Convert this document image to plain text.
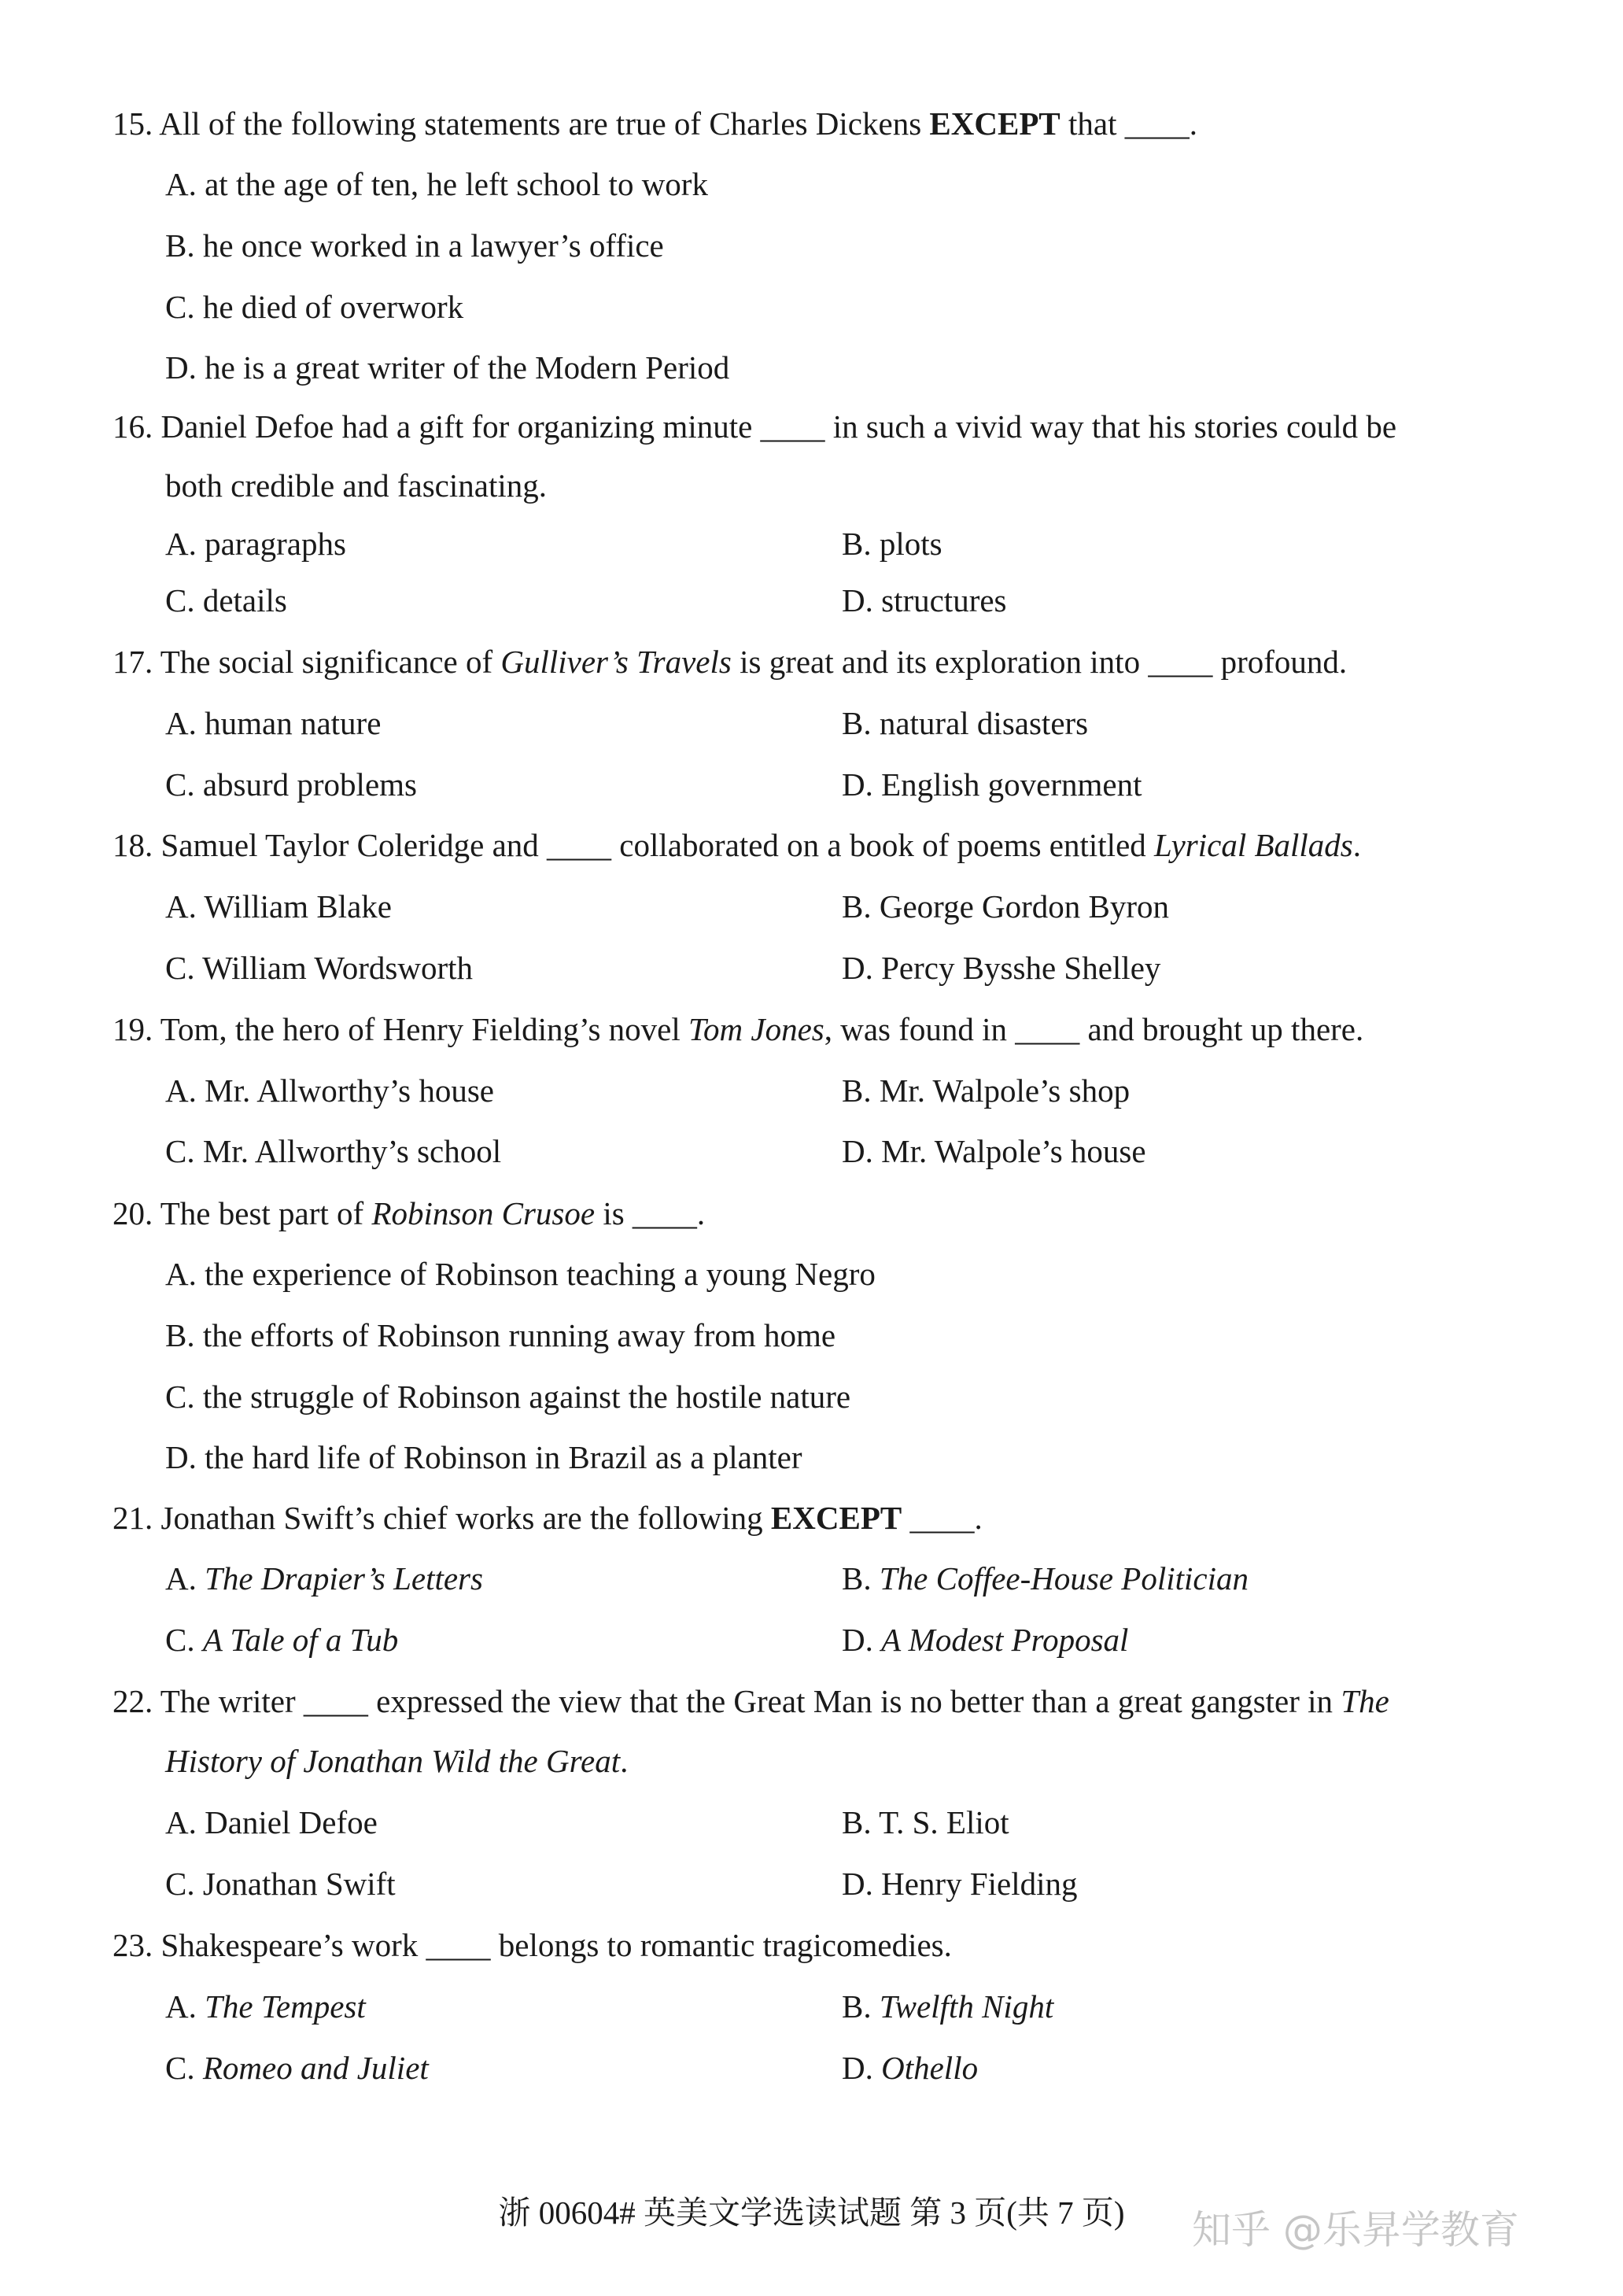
15. All of the following statements are true of Charles Dickens EXCEPT that ____.
A. at the age of ten, he left school to work
B. he once worked in a lawyer’s office
C. he died of overwork
D. he is a great writer of the Modern Period
16. Daniel Defoe had a gift for organizing minute ____ in such a vivid way that his stories could be
both credible and fascinating.
A. paragraphs	B. plots
C. details	D. structures
17. The social significance of Gulliver’s Travels is great and its exploration into ____ profound.
A. human nature	B. natural disasters
C. absurd problems	D. English government
18. Samuel Taylor Coleridge and ____ collaborated on a book of poems entitled Lyrical Ballads.
A. William Blake	B. George Gordon Byron
C. William Wordsworth	D. Percy Bysshe Shelley
19. Tom, the hero of Henry Fielding’s novel Tom Jones, was found in ____ and brought up there.
A. Mr. Allworthy’s house	B. Mr. Walpole’s shop
C. Mr. Allworthy’s school	D. Mr. Walpole’s house
20. The best part of Robinson Crusoe is ____.
A. the experience of Robinson teaching a young Negro
B. the efforts of Robinson running away from home
C. the struggle of Robinson against the hostile nature
D. the hard life of Robinson in Brazil as a planter
21. Jonathan Swift’s chief works are the following EXCEPT ____.
A. The Drapier’s Letters	B. The Coffee-House Politician
C. A Tale of a Tub	D. A Modest Proposal
22. The writer ____ expressed the view that the Great Man is no better than a great gangster in The
History of Jonathan Wild the Great.
A. Daniel Defoe	B. T. S. Eliot
C. Jonathan Swift	D. Henry Fielding
23. Shakespeare’s work ____ belongs to romantic tragicomedies.
A. The Tempest	B. Twelfth Night
C. Romeo and Juliet	D. Othello
浙 00604# 英美文学选读试题 第 3 页(共 7 页)	知乎 @乐昇学教育
